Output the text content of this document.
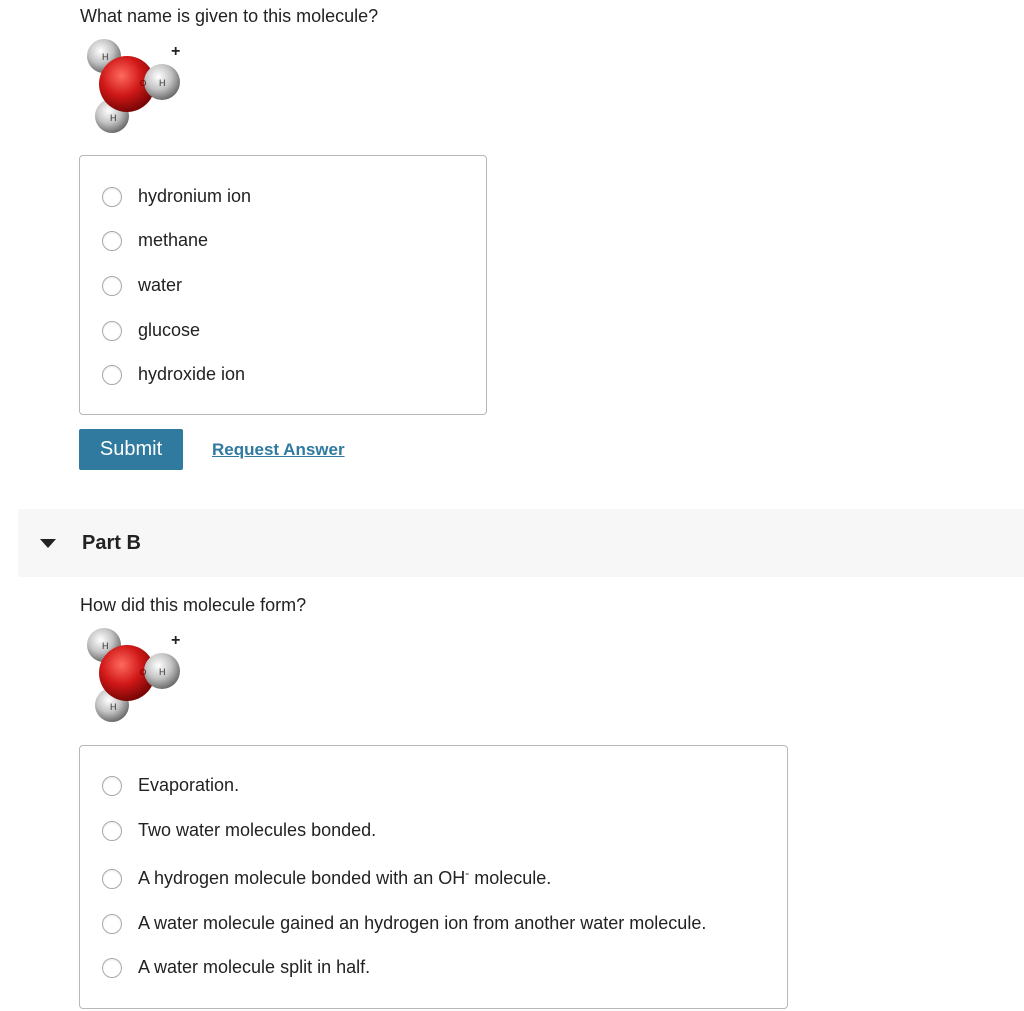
What name is given to this molecule?
H
H
O H
+
hydronium ion
methane
water
glucose
hydroxide ion
Submit	Request Answer
Part B
How did this molecule form?
H
H
O H
+
Evaporation.
Two water molecules bonded.
A hydrogen molecule bonded with an OH- molecule.
A water molecule gained an hydrogen ion from another water molecule.
A water molecule split in half.
